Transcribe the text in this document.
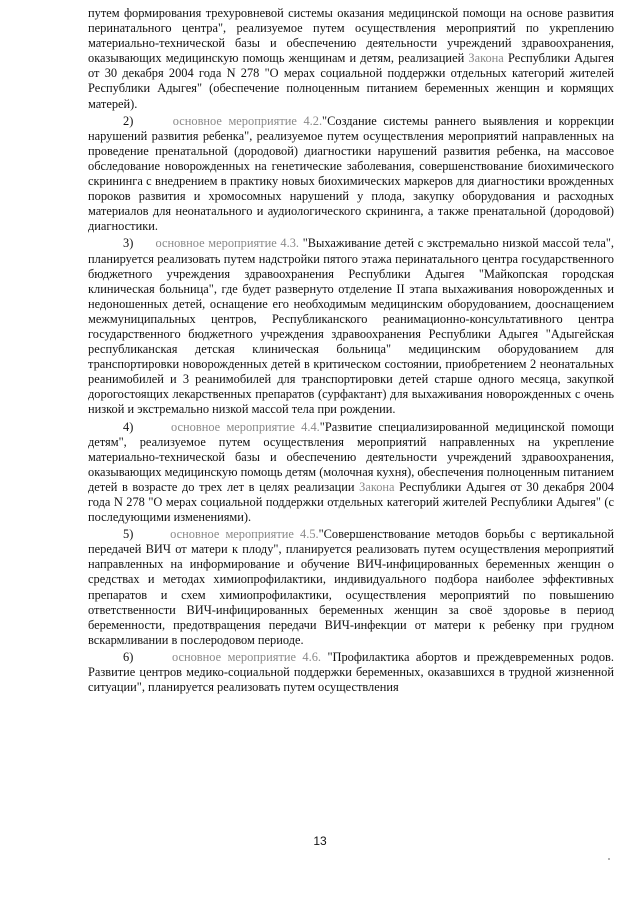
путем формирования трехуровневой системы оказания медицинской помощи на основе развития перинатального центра", реализуемое путем осуществления мероприятий по укреплению материально-технической базы и обеспечению деятельности учреждений здравоохранения, оказывающих медицинскую помощь женщинам и детям, реализацией Закона Республики Адыгея от 30 декабря 2004 года N 278 "О мерах социальной поддержки отдельных категорий жителей Республики Адыгея" (обеспечение полноценным питанием беременных женщин и кормящих матерей).

2)	основное мероприятие 4.2."Создание системы раннего выявления и коррекции нарушений развития ребенка", реализуемое путем осуществления мероприятий направленных на проведение пренатальной (дородовой) диагностики нарушений развития ребенка, на массовое обследование новорожденных на генетические заболевания, совершенствование биохимического скрининга с внедрением в практику новых биохимических маркеров для диагностики врожденных пороков развития и хромосомных нарушений у плода, закупку оборудования и расходных материалов для неонатального и аудиологического скрининга, а также пренатальной (дородовой) диагностики.

3) основное мероприятие 4.3. "Выхаживание детей с экстремально низкой массой тела", планируется реализовать путем надстройки пятого этажа перинатального центра государственного бюджетного учреждения здравоохранения Республики Адыгея "Майкопская городская клиническая больница", где будет развернуто отделение II этапа выхаживания новорожденных и недоношенных детей, оснащение его необходимым медицинским оборудованием, дооснащением межмуниципальных центров, Республиканского реанимационно-консультативного центра государственного бюджетного учреждения здравоохранения Республики Адыгея "Адыгейская республиканская детская клиническая больница" медицинским оборудованием для транспортировки новорожденных детей в критическом состоянии, приобретением 2 неонатальных реанимобилей и 3 реанимобилей для транспортировки детей старше одного месяца, закупкой дорогостоящих лекарственных препаратов (сурфактант) для выхаживания новорожденных с очень низкой и экстремально низкой массой тела при рождении.

4)	основное мероприятие 4.4."Развитие специализированной медицинской помощи детям", реализуемое путем осуществления мероприятий направленных на укрепление материально-технической базы и обеспечению деятельности учреждений здравоохранения, оказывающих медицинскую помощь детям (молочная кухня), обеспечения полноценным питанием детей в возрасте до трех лет в целях реализации Закона Республики Адыгея от 30 декабря 2004 года N 278 "О мерах социальной поддержки отдельных категорий жителей Республики Адыгея" (с последующими изменениями).

5)	основное мероприятие 4.5."Совершенствование методов борьбы с вертикальной передачей ВИЧ от матери к плоду", планируется реализовать путем осуществления мероприятий направленных на информирование и обучение ВИЧ-инфицированных беременных женщин о средствах и методах химиопрофилактики, индивидуального подбора наиболее эффективных препаратов и схем химиопрофилактики, осуществления мероприятий по повышению ответственности ВИЧ-инфицированных беременных женщин за своё здоровье в период беременности, предотвращения передачи ВИЧ-инфекции от матери к ребенку при грудном вскармливании в послеродовом периоде.

6)	основное мероприятие 4.6. "Профилактика абортов и преждевременных родов. Развитие центров медико-социальной поддержки беременных, оказавшихся в трудной жизненной ситуации", планируется реализовать путем осуществления

13
